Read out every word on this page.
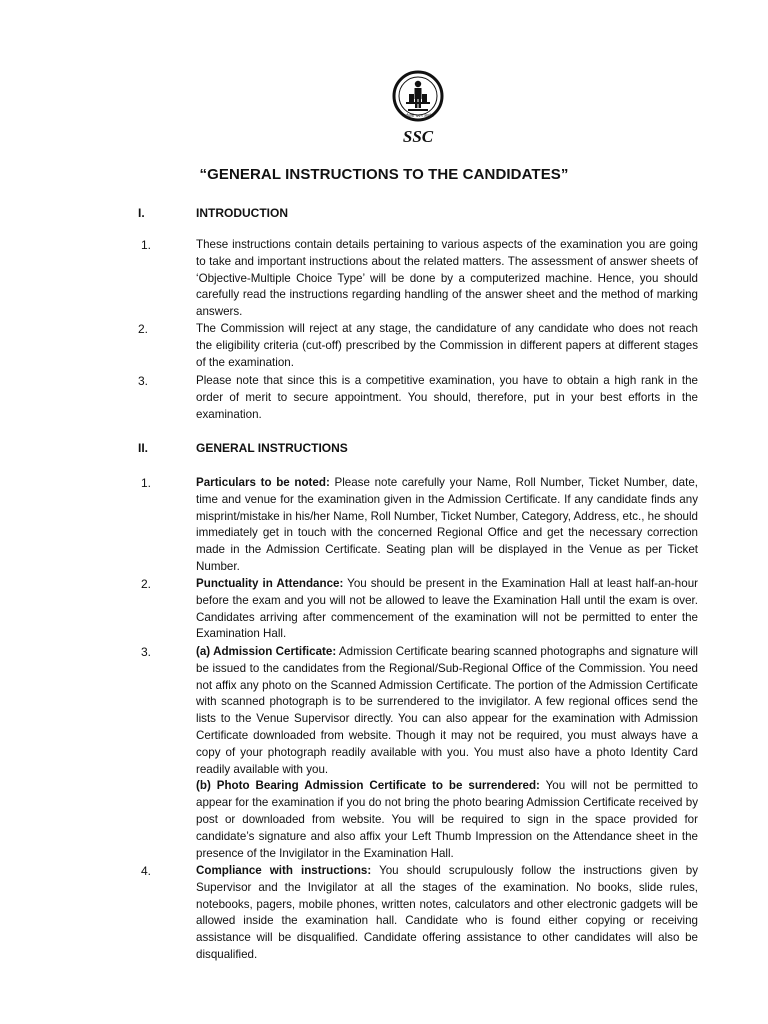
कर्मचारी चयन आयोग
SSC
“GENERAL INSTRUCTIONS TO THE CANDIDATES”
I.	INTRODUCTION
1.	These instructions contain details pertaining to various aspects of the examination you are going to take and important instructions about the related matters. The assessment of answer sheets of ‘Objective-Multiple Choice Type’ will be done by a computerized machine. Hence, you should carefully read the instructions regarding handling of the answer sheet and the method of marking answers.
2.	The Commission will reject at any stage, the candidature of any candidate who does not reach the eligibility criteria (cut-off) prescribed by the Commission in different papers at different stages of the examination.
3.	Please note that since this is a competitive examination, you have to obtain a high rank in the order of merit to secure appointment. You should, therefore, put in your best efforts in the examination.
II.	GENERAL INSTRUCTIONS
1.	Particulars to be noted: Please note carefully your Name, Roll Number, Ticket Number, date, time and venue for the examination given in the Admission Certificate. If any candidate finds any misprint/mistake in his/her Name, Roll Number, Ticket Number, Category, Address, etc., he should immediately get in touch with the concerned Regional Office and get the necessary correction made in the Admission Certificate. Seating plan will be displayed in the Venue as per Ticket Number.
2.	Punctuality in Attendance: You should be present in the Examination Hall at least half-an-hour before the exam and you will not be allowed to leave the Examination Hall until the exam is over. Candidates arriving after commencement of the examination will not be permitted to enter the Examination Hall.
3.	(a) Admission Certificate: Admission Certificate bearing scanned photographs and signature will be issued to the candidates from the Regional/Sub-Regional Office of the Commission. You need not affix any photo on the Scanned Admission Certificate. The portion of the Admission Certificate with scanned photograph is to be surrendered to the invigilator. A few regional offices send the lists to the Venue Supervisor directly. You can also appear for the examination with Admission Certificate downloaded from website. Though it may not be required, you must always have a copy of your photograph readily available with you. You must also have a photo Identity Card readily available with you.
(b) Photo Bearing Admission Certificate to be surrendered: You will not be permitted to appear for the examination if you do not bring the photo bearing Admission Certificate received by post or downloaded from website. You will be required to sign in the space provided for candidate’s signature and also affix your Left Thumb Impression on the Attendance sheet in the presence of the Invigilator in the Examination Hall.
4.	Compliance with instructions: You should scrupulously follow the instructions given by Supervisor and the Invigilator at all the stages of the examination. No books, slide rules, notebooks, pagers, mobile phones, written notes, calculators and other electronic gadgets will be allowed inside the examination hall. Candidate who is found either copying or receiving assistance will be disqualified. Candidate offering assistance to other candidates will also be disqualified.
